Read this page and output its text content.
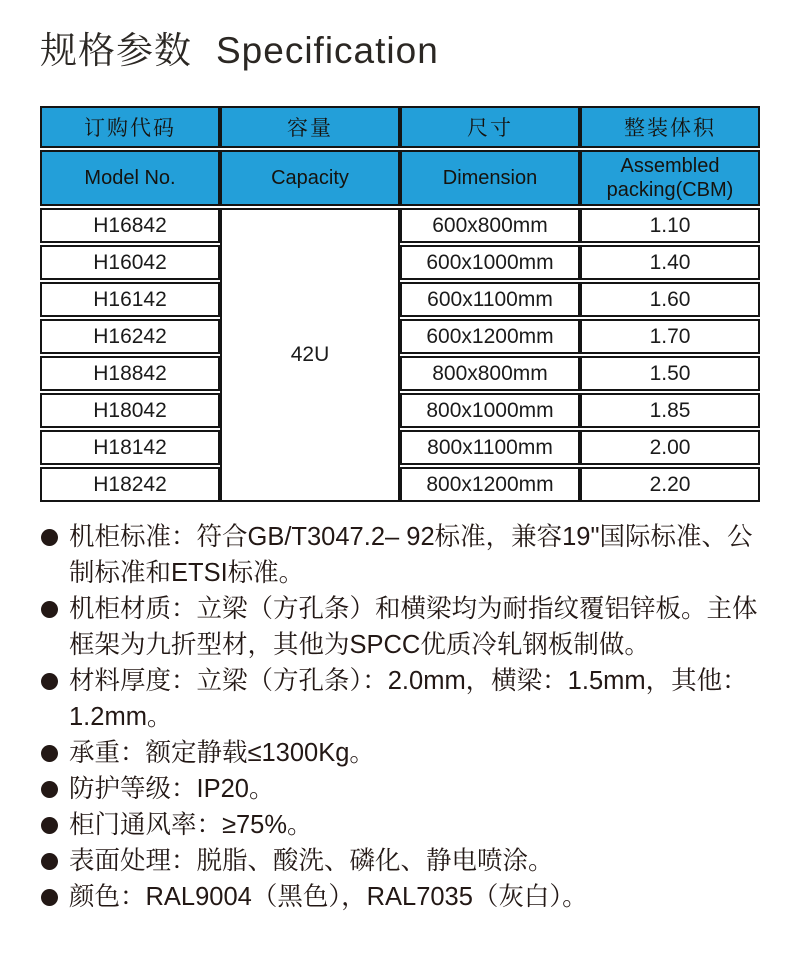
规格参数 Specification
订购代码	容量	尺寸	整装体积
Model No.	Capacity	Dimension	Assembled packing(CBM)
H16842	42U	600x800mm	1.10
H16042		600x1000mm	1.40
H16142		600x1100mm	1.60
H16242		600x1200mm	1.70
H18842		800x800mm	1.50
H18042		800x1000mm	1.85
H18142		800x1100mm	2.00
H18242		800x1200mm	2.20
机柜标准：符合GB/T3047.2– 92标准，兼容19"国际标准、公制标准和ETSI标准。
机柜材质：立梁（方孔条）和横梁均为耐指纹覆铝锌板。主体框架为九折型材，其他为SPCC优质冷轧钢板制做。
材料厚度：立梁（方孔条）：2.0mm，横梁：1.5mm，其他：1.2mm。
承重：额定静载≤1300Kg。
防护等级：IP20。
柜门通风率：≥75%。
表面处理：脱脂、酸洗、磷化、静电喷涂。
颜色：RAL9004（黑色），RAL7035（灰白）。
